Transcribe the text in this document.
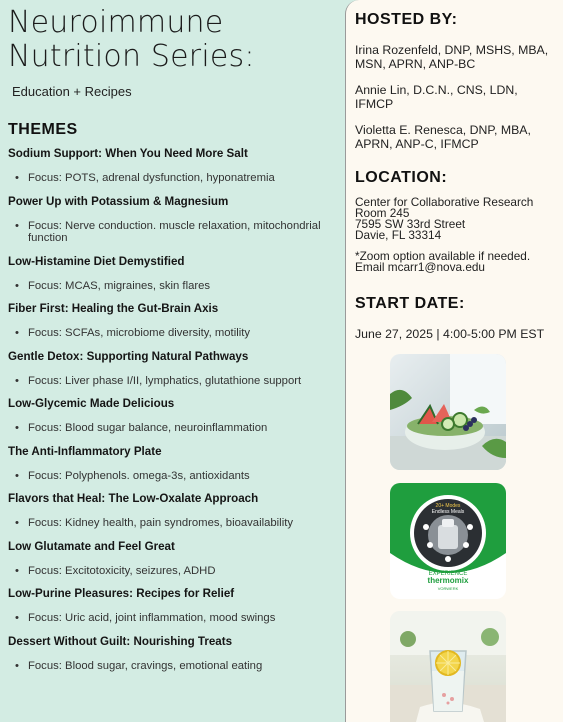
Neuroimmune
Nutrition Series:
Education + Recipes
THEMES
Sodium Support: When You Need More Salt
• Focus: POTS, adrenal dysfunction, hyponatremia
Power Up with Potassium & Magnesium
• Focus: Nerve conduction. muscle relaxation, mitochondrial function
Low-Histamine Diet Demystified
• Focus: MCAS, migraines, skin flares
Fiber First: Healing the Gut-Brain Axis
• Focus: SCFAs, microbiome diversity, motility
Gentle Detox: Supporting Natural Pathways
• Focus: Liver phase I/II, lymphatics, glutathione support
Low-Glycemic Made Delicious
• Focus: Blood sugar balance, neuroinflammation
The Anti-Inflammatory Plate
• Focus: Polyphenols. omega-3s, antioxidants
Flavors that Heal: The Low-Oxalate Approach
• Focus: Kidney health, pain syndromes, bioavailability
Low Glutamate and Feel Great
• Focus: Excitotoxicity, seizures, ADHD
Low-Purine Pleasures: Recipes for Relief
• Focus: Uric acid, joint inflammation, mood swings
Dessert Without Guilt: Nourishing Treats
• Focus: Blood sugar, cravings, emotional eating
HOSTED BY:
Irina Rozenfeld, DNP, MSHS, MBA, MSN, APRN, ANP-BC
Annie Lin, D.C.N., CNS, LDN, IFMCP
Violetta E. Renesca, DNP, MBA, APRN, ANP-C, IFMCP
LOCATION:
Center for Collaborative Research
Room 245
7595 SW 33rd Street
Davie, FL 33314
*Zoom option available if needed.
Email mcarr1@nova.edu
START DATE:
June 27, 2025 | 4:00-5:00 PM EST
20+ Modes
Endless Meals
EXPERIENCE
thermomix
VORWERK
